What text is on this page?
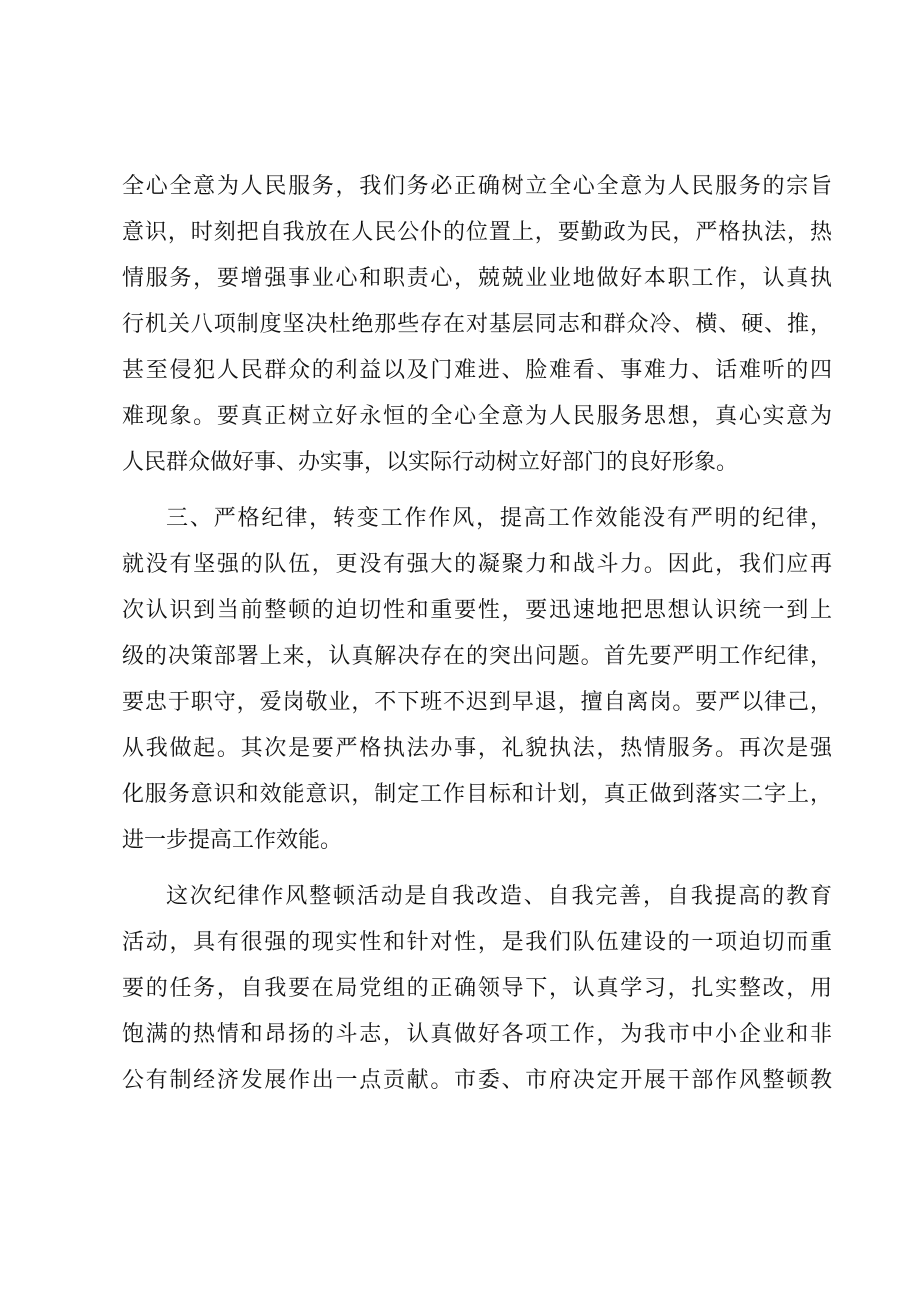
全心全意为人民服务，我们务必正确树立全心全意为人民服务的宗旨
意识，时刻把自我放在人民公仆的位置上，要勤政为民，严格执法，热
情服务，要增强事业心和职责心，兢兢业业地做好本职工作，认真执
行机关八项制度坚决杜绝那些存在对基层同志和群众冷、横、硬、推，
甚至侵犯人民群众的利益以及门难进、脸难看、事难力、话难听的四
难现象。要真正树立好永恒的全心全意为人民服务思想，真心实意为
人民群众做好事、办实事，以实际行动树立好部门的良好形象。
三、严格纪律，转变工作作风，提高工作效能没有严明的纪律，
就没有坚强的队伍，更没有强大的凝聚力和战斗力。因此，我们应再
次认识到当前整顿的迫切性和重要性，要迅速地把思想认识统一到上
级的决策部署上来，认真解决存在的突出问题。首先要严明工作纪律，
要忠于职守，爱岗敬业，不下班不迟到早退，擅自离岗。要严以律己，
从我做起。其次是要严格执法办事，礼貌执法，热情服务。再次是强
化服务意识和效能意识，制定工作目标和计划，真正做到落实二字上，
进一步提高工作效能。
这次纪律作风整顿活动是自我改造、自我完善，自我提高的教育
活动，具有很强的现实性和针对性，是我们队伍建设的一项迫切而重
要的任务，自我要在局党组的正确领导下，认真学习，扎实整改，用
饱满的热情和昂扬的斗志，认真做好各项工作，为我市中小企业和非
公有制经济发展作出一点贡献。市委、市府决定开展干部作风整顿教
